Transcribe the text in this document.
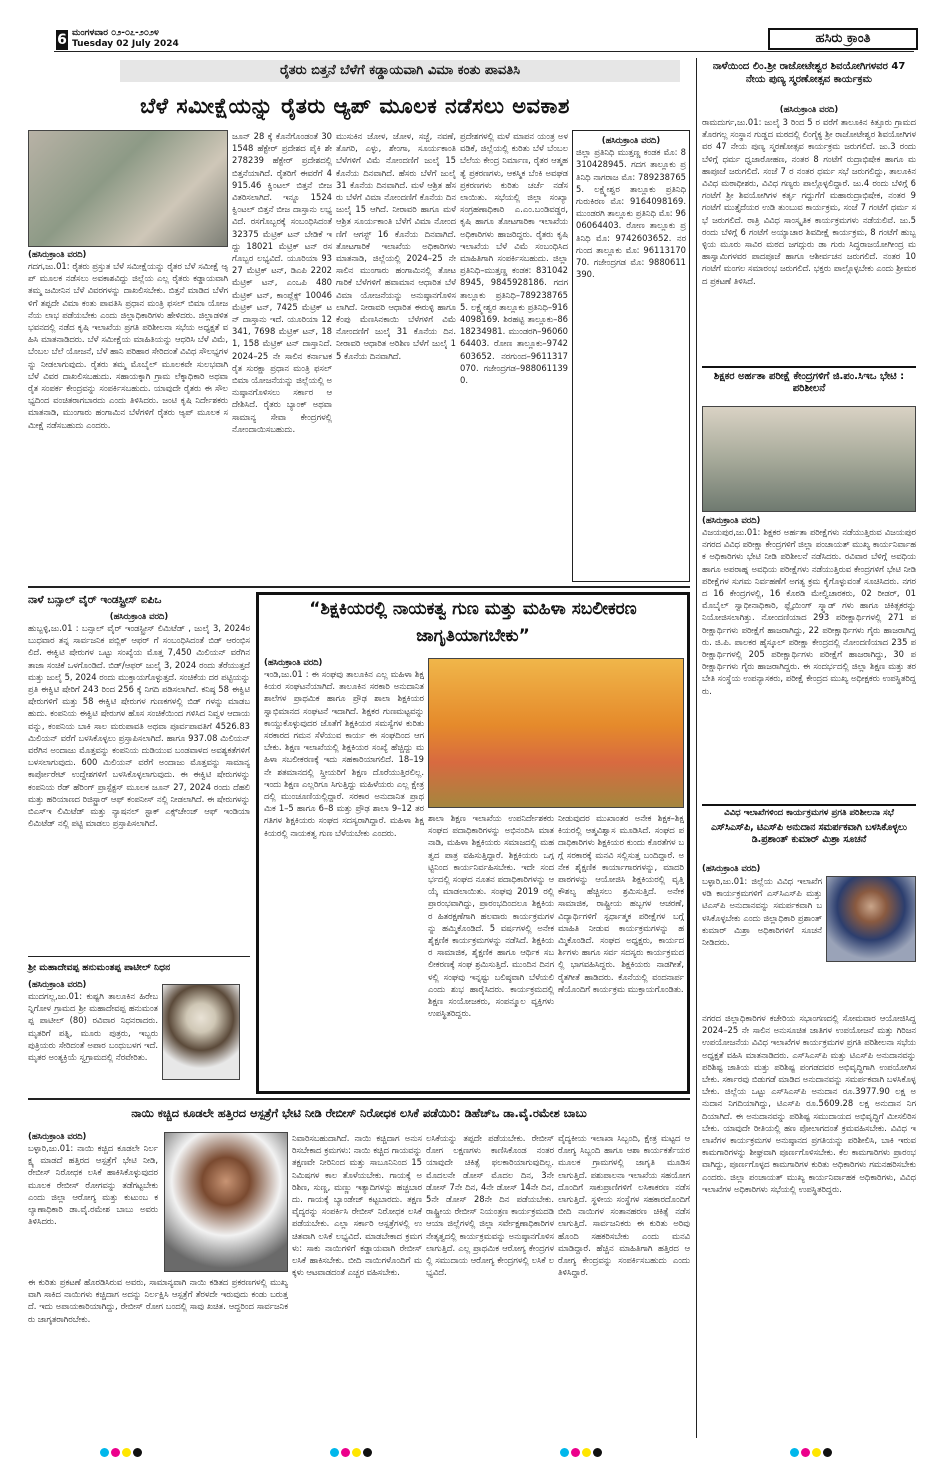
6 ಮಂಗಳವಾರ ೦೨-೦೭-೨೦೨೪
Tuesday 02 July 2024	ಹಸಿರು ಕ್ರಾಂತಿ
ರೈತರು ಬಿತ್ತನೆ ಬೆಳೆಗೆ ಕಡ್ಡಾಯವಾಗಿ ವಿಮಾ ಕಂತು ಪಾವತಿಸಿ
ಬೆಳೆ ಸಮೀಕ್ಷೆಯನ್ನು ರೈತರು ಆ್ಯಪ್ ಮೂಲಕ ನಡೆಸಲು ಅವಕಾಶ
(ಹಸಿರುಕ್ರಾಂತಿ ವರದಿ)
ಗದಗ,ಜು.01: ರೈತರು ಪ್ರಸ್ತುತ ಬೆಳೆ ಸಮೀಕ್ಷೆಯನ್ನು ರೈತರ ಬೆಳೆ ಸಮೀಕ್ಷೆ ಆ್ಯಪ್ ಮೂಲಕ ನಡೆಸಲು ಅವಕಾಶವಿದ್ದು ಜಿಲ್ಲೆಯ ಎಲ್ಲ ರೈತರು ಕಡ್ಡಾಯವಾಗಿ ತಮ್ಮ ಜಮೀನಿನ ಬೆಳೆ ವಿವರಗಳನ್ನು ದಾಖಲಿಸಬೇಕು. ಬಿತ್ತನೆ ಮಾಡಿದ ಬೆಳೆಗಳಿಗೆ ತಪ್ಪದೇ ವಿಮಾ ಕಂತು ಪಾವತಿಸಿ ಪ್ರಧಾನ ಮಂತ್ರಿ ಫಸಲ್ ಬಿಮಾ ಯೋಜನೆಯ ಲಾಭ ಪಡೆಯಬೇಕು ಎಂದು ಜಿಲ್ಲಾಧಿಕಾರಿಗಳು ಹೇಳಿದರು. ಜಿಲ್ಲಾಡಳಿತ ಭವನದಲ್ಲಿ ನಡೆದ ಕೃಷಿ ಇಲಾಖೆಯ ಪ್ರಗತಿ ಪರಿಶೀಲನಾ ಸಭೆಯ ಅಧ್ಯಕ್ಷತೆ ವಹಿಸಿ ಮಾತನಾಡಿದರು. ಬೆಳೆ ಸಮೀಕ್ಷೆಯ ಮಾಹಿತಿಯನ್ನು ಆಧರಿಸಿ ಬೆಳೆ ವಿಮೆ, ಬೆಂಬಲ ಬೆಲೆ ಯೋಜನೆ, ಬೆಳೆ ಹಾನಿ ಪರಿಹಾರ ಸೇರಿದಂತೆ ವಿವಿಧ ಸೌಲಭ್ಯಗಳನ್ನು ನೀಡಲಾಗುವುದು. ರೈತರು ತಮ್ಮ ಮೊಬೈಲ್ ಮೂಲಕವೇ ಸುಲಭವಾಗಿ ಬೆಳೆ ವಿವರ ದಾಖಲಿಸಬಹುದು. ಸಹಾಯಕ್ಕಾಗಿ ಗ್ರಾಮ ಲೆಕ್ಕಾಧಿಕಾರಿ ಅಥವಾ ರೈತ ಸಂಪರ್ಕ ಕೇಂದ್ರವನ್ನು ಸಂಪರ್ಕಿಸಬಹುದು. ಯಾವುದೇ ರೈತರು ಈ ಸೌಲಭ್ಯದಿಂದ ವಂಚಿತರಾಗಬಾರದು ಎಂದು ತಿಳಿಸಿದರು. ಜಂಟಿ ಕೃಷಿ ನಿರ್ದೇಶಕರು ಮಾತನಾಡಿ, ಮುಂಗಾರು ಹಂಗಾಮಿನ ಬೆಳೆಗಳಿಗೆ ರೈತರು ಆ್ಯಪ್ ಮೂಲಕ ಸಮೀಕ್ಷೆ ನಡೆಸಬಹುದು ಎಂದರು.
ಜೂನ್ 28 ಕ್ಕೆ ಕೊನೆಗೊಂಡಂತೆ 301548 ಹೆಕ್ಟೇರ್ ಪ್ರದೇಶದ ಪೈಕಿ ಶೇ 278239 ಹೆಕ್ಟೇರ್ ಪ್ರದೇಶದಲ್ಲಿ ಬಿತ್ತನೆಯಾಗಿದೆ. ರೈತರಿಗೆ ಈವರೆಗೆ 4915.46 ಕ್ವಿಂಟಲ್ ಬಿತ್ತನೆ ಬೀಜ ವಿತರಿಸಲಾಗಿದೆ. ಇನ್ನೂ 1524 ಕ್ವಿಂಟಲ್ ಬಿತ್ತನೆ ಬೀಜ ದಾಸ್ತಾನು ಲಭ್ಯವಿದೆ. ರಸಗೊಬ್ಬರಕ್ಕೆ ಸಂಬಂಧಿಸಿದಂತೆ 32375 ಮೆಟ್ರಿಕ್ ಟನ್ ಬೇಡಿಕೆ ಇದ್ದು 18021 ಮೆಟ್ರಿಕ್ ಟನ್ ರಸಗೊಬ್ಬರ ಲಭ್ಯವಿದೆ. ಯೂರಿಯಾ 9327 ಮೆಟ್ರಿಕ್ ಟನ್, ಡಿಎಪಿ 2202 ಮೆಟ್ರಿಕ್ ಟನ್, ಎಂಒಪಿ 480 ಮೆಟ್ರಿಕ್ ಟನ್, ಕಾಂಪ್ಲೆಕ್ಸ್ 10046 ಮೆಟ್ರಿಕ್ ಟನ್, 7425 ಮೆಟ್ರಿಕ್ ಟನ್ ದಾಸ್ತಾನು ಇದೆ. ಯೂರಿಯಾ 12341, 7698 ಮೆಟ್ರಿಕ್ ಟನ್, 181, 158 ಮೆಟ್ರಿಕ್ ಟನ್ ದಾಸ್ತಾನಿದೆ. 2024–25 ನೇ ಸಾಲಿನ ಕರ್ನಾಟಕ ರೈತ ಸುರಕ್ಷಾ ಪ್ರಧಾನ ಮಂತ್ರಿ ಫಸಲ್ ಬಿಮಾ ಯೋಜನೆಯನ್ನು ಜಿಲ್ಲೆಯಲ್ಲಿ ಅನುಷ್ಠಾನಗೊಳಿಸಲು ಸರ್ಕಾರ ಆದೇಶಿಸಿದೆ. ರೈತರು ಬ್ಯಾಂಕ್ ಅಥವಾ ಸಾಮಾನ್ಯ ಸೇವಾ ಕೇಂದ್ರಗಳಲ್ಲಿ ನೋಂದಾಯಿಸಬಹುದು.
ಮುಸುಕಿನ ಜೋಳ, ಜೋಳ, ಸಜ್ಜೆ, ನವಣೆ, ತೊಗರಿ, ಎಳ್ಳು, ಶೇಂಗಾ, ಸೂರ್ಯಕಾಂತಿ ಬೆಳೆಗಳಿಗೆ ವಿಮೆ ನೋಂದಣಿಗೆ ಜುಲೈ 15 ಕೊನೆಯ ದಿನವಾಗಿದೆ. ಹೆಸರು ಬೆಳೆಗೆ ಜುಲೈ 31 ಕೊನೆಯ ದಿನವಾಗಿದೆ. ಮಳೆ ಆಶ್ರಿತ ಹೆಸರು ಬೆಳೆಗೆ ವಿಮಾ ನೋಂದಣಿಗೆ ಕೊನೆಯ ದಿನ ಜುಲೈ 15 ಆಗಿದೆ. ನೀರಾವರಿ ಹಾಗೂ ಮಳೆ ಆಶ್ರಿತ ಸೂರ್ಯಕಾಂತಿ ಬೆಳೆಗೆ ವಿಮಾ ನೋಂದಣಿಗೆ ಆಗಸ್ಟ್ 16 ಕೊನೆಯ ದಿನವಾಗಿದೆ. ತೋಟಗಾರಿಕೆ ಇಲಾಖೆಯ ಅಧಿಕಾರಿಗಳು ಮಾತನಾಡಿ, ಜಿಲ್ಲೆಯಲ್ಲಿ 2024–25 ನೇ ಸಾಲಿನ ಮುಂಗಾರು ಹಂಗಾಮಿನಲ್ಲಿ ತೋಟಗಾರಿಕೆ ಬೆಳೆಗಳಿಗೆ ಹವಾಮಾನ ಆಧಾರಿತ ಬೆಳೆ ವಿಮಾ ಯೋಜನೆಯನ್ನು ಅನುಷ್ಠಾನಗೊಳಿಸಲಾಗಿದೆ. ನೀರಾವರಿ ಆಧಾರಿತ ಈರುಳ್ಳಿ ಹಾಗೂ ಕೆಂಪು ಮೆಣಸಿನಕಾಯಿ ಬೆಳೆಗಳಿಗೆ ವಿಮೆ ನೋಂದಣಿಗೆ ಜುಲೈ 31 ಕೊನೆಯ ದಿನ. ನೀರಾವರಿ ಆಧಾರಿತ ಅರಿಶಿಣ ಬೆಳೆಗೆ ಜುಲೈ 15 ಕೊನೆಯ ದಿನವಾಗಿದೆ.
ಪ್ರದೇಶಗಳಲ್ಲಿ ಮಳೆ ಮಾಪನ ಯಂತ್ರ ಅಳವಡಿಕೆ, ಜಿಲ್ಲೆಯಲ್ಲಿ ಕುರಿತು ಬೆಳೆ ಬೆಂಬಲ ಬೆಲೆಯ ಕೇಂದ್ರ ನಿರ್ಮಾಣ, ರೈತರ ಆತ್ಮಹತ್ಯೆ ಪ್ರಕರಣಗಳು, ಆಕಸ್ಮಿಕ ಬೆಂಕಿ ಅವಘಡ ಪ್ರಕರಣಗಳು ಕುರಿತು ಚರ್ಚೆ ನಡೆಸಲಾಯಿತು. ಸಭೆಯಲ್ಲಿ ಜಿಲ್ಲಾ ಸಂಖ್ಯಾ ಸಂಗ್ರಹಣಾಧಿಕಾರಿ ಎ.ಎಂ.ಬಂಡಿವಡ್ಡರ, ಕೃಷಿ ಹಾಗೂ ತೋಟಗಾರಿಕಾ ಇಲಾಖೆಯ ಅಧಿಕಾರಿಗಳು ಹಾಜರಿದ್ದರು. ರೈತರು ಕೃಷಿ ಇಲಾಖೆಯ ಬೆಳೆ ವಿಮೆ ಸಂಬಂಧಿಸಿದ ಮಾಹಿತಿಗಾಗಿ ಸಂಪರ್ಕಿಸಬಹುದು. ಜಿಲ್ಲಾ ಪ್ರತಿನಿಧಿ–ಮುತ್ತಣ್ಣ ಕಂಡಕ: 8310428945, 9845928186. ಗದಗ ತಾಲ್ಲೂಕು ಪ್ರತಿನಿಧಿ–7892387655. ಲಕ್ಷ್ಮೇಶ್ವರ ತಾಲ್ಲೂಕು ಪ್ರತಿನಿಧಿ–9164098169. ಶಿರಹಟ್ಟಿ ತಾಲ್ಲೂಕು–8618234981. ಮುಂಡರಗಿ–9606064403. ರೋಣ ತಾಲ್ಲೂಕು–9742603652. ನರಗುಂದ–9611317070. ಗಜೇಂದ್ರಗಡ–9880611390.
(ಹಸಿರುಕ್ರಾಂತಿ ವರದಿ)
ಜಿಲ್ಲಾ ಪ್ರತಿನಿಧಿ ಮುತ್ತಣ್ಣ ಕಂಡಕ ಮೊ: 8310428945. ಗದಗ ತಾಲ್ಲೂಕು ಪ್ರತಿನಿಧಿ ನಾಗರಾಜ ಮೊ: 7892387655. ಲಕ್ಷ್ಮೇಶ್ವರ ತಾಲ್ಲೂಕು ಪ್ರತಿನಿಧಿ ಗುರುಕಿರಣ ಮೊ: 9164098169. ಮುಂಡರಗಿ ತಾಲ್ಲೂಕು ಪ್ರತಿನಿಧಿ ಮೊ: 9606064403. ರೋಣ ತಾಲ್ಲೂಕು ಪ್ರತಿನಿಧಿ ಮೊ: 9742603652. ನರಗುಂದ ತಾಲ್ಲೂಕು ಮೊ: 9611317070. ಗಜೇಂದ್ರಗಡ ಮೊ: 9880611390.
ನಾಳೆಯಿಂದ ಲಿಂ.ಶ್ರೀ ರಾಜೋಟೇಶ್ವರ ಶಿವಯೋಗಿಗಳವರ 47 ನೇಯ ಪುಣ್ಯ ಸ್ಮರಣೋತ್ಸವ ಕಾರ್ಯಕ್ರಮ
(ಹಸಿರುಕ್ರಾಂತಿ ವರದಿ)
ರಾಮದುರ್ಗ,ಜು.01: ಜುಲೈ 3 ರಿಂದ 5 ರ ವರೆಗೆ ತಾಲೂಕಿನ ಕಿತ್ತೂರು ಗ್ರಾಮದ ತೊರಗಲ್ಲ ಸಂಸ್ಥಾನ ಗುಡ್ಡದ ಮಠದಲ್ಲಿ ಲಿಂಗೈಕ್ಯ ಶ್ರೀ ರಾಜೋಟೇಶ್ವರ ಶಿವಯೋಗಿಗಳವರ 47 ನೇಯ ಪುಣ್ಯ ಸ್ಮರಣೋತ್ಸವ ಕಾರ್ಯಕ್ರಮ ಜರುಗಲಿದೆ. ಜು.3 ರಂದು ಬೆಳಿಗ್ಗೆ ಧರ್ಮ ಧ್ವಜಾರೋಹಣ, ನಂತರ 8 ಗಂಟೆಗೆ ರುದ್ರಾಭಿಷೇಕ ಹಾಗೂ ಮಹಾಪೂಜೆ ಜರುಗಲಿದೆ. ಸಂಜೆ 7 ರ ನಂತರ ಧರ್ಮ ಸಭೆ ಜರುಗಲಿದ್ದು, ತಾಲೂಕಿನ ವಿವಿಧ ಮಠಾಧೀಶರು, ವಿವಿಧ ಗಣ್ಯರು ಪಾಲ್ಗೊಳ್ಳಲಿದ್ದಾರೆ. ಜು.4 ರಂದು ಬೆಳಿಗ್ಗೆ 6 ಗಂಟೆಗೆ ಶ್ರೀ ಶಿವಯೋಗಿಗಳ ಕರ್ತೃ ಗದ್ದುಗೆಗೆ ಮಹಾರುದ್ರಾಭಿಷೇಕ, ನಂತರ 9 ಗಂಟೆಗೆ ಮುತ್ತೈದೆಯರ ಉಡಿ ತುಂಬುವ ಕಾರ್ಯಕ್ರಮ, ಸಂಜೆ 7 ಗಂಟೆಗೆ ಧರ್ಮ ಸಭೆ ಜರುಗಲಿದೆ. ರಾತ್ರಿ ವಿವಿಧ ಸಾಂಸ್ಕೃತಿಕ ಕಾರ್ಯಕ್ರಮಗಳು ನಡೆಯಲಿವೆ. ಜು.5 ರಂದು ಬೆಳಿಗ್ಗೆ 6 ಗಂಟೆಗೆ ಅಯ್ಯಾಚಾರ ಶಿವದೀಕ್ಷೆ ಕಾರ್ಯಕ್ರಮ, 8 ಗಂಟೆಗೆ ಹುಬ್ಬಳ್ಳಿಯ ಮೂರು ಸಾವಿರ ಮಠದ ಜಗದ್ಗುರು ಡಾ ಗುರು ಸಿದ್ಧರಾಜಯೋಗೀಂದ್ರ ಮಹಾಸ್ವಾಮಿಗಳವರ ಪಾದಪೂಜೆ ಹಾಗೂ ಆಶೀರ್ವಚನ ಜರುಗಲಿದೆ. ನಂತರ 10 ಗಂಟೆಗೆ ಮಂಗಲ ಸಮಾರಂಭ ಜರುಗಲಿದೆ. ಭಕ್ತರು ಪಾಲ್ಗೊಳ್ಳಬೇಕು ಎಂದು ಶ್ರೀಮಠದ ಪ್ರಕಟಣೆ ತಿಳಿಸಿದೆ.
ಶಿಕ್ಷಕರ ಅರ್ಹತಾ ಪರೀಕ್ಷೆ ಕೇಂದ್ರಗಳಿಗೆ ಜಿ.ಪಂ.ಸಿಇಒ ಭೇಟಿ : ಪರಿಶೀಲನೆ
(ಹಸಿರುಕ್ರಾಂತಿ ವರದಿ)
ವಿಜಯಪುರ,ಜು.01: ಶಿಕ್ಷಕರ ಅರ್ಹತಾ ಪರೀಕ್ಷೆಗಳು ನಡೆಯುತ್ತಿರುವ ವಿಜಯಪುರ ನಗರದ ವಿವಿಧ ಪರೀಕ್ಷಾ ಕೇಂದ್ರಗಳಿಗೆ ಜಿಲ್ಲಾ ಪಂಚಾಯತ್ ಮುಖ್ಯ ಕಾರ್ಯನಿರ್ವಾಹಕ ಅಧಿಕಾರಿಗಳು ಭೇಟಿ ನೀಡಿ ಪರಿಶೀಲನೆ ನಡೆಸಿದರು. ರವಿವಾರ ಬೆಳಿಗ್ಗೆ ಅವಧಿಯ ಹಾಗೂ ಅಪರಾಹ್ನ ಅವಧಿಯ ಪರೀಕ್ಷೆಗಳು ನಡೆಯುತ್ತಿರುವ ಕೇಂದ್ರಗಳಿಗೆ ಭೇಟಿ ನೀಡಿ ಪರೀಕ್ಷೆಗಳ ಸುಗಮ ನಿರ್ವಹಣೆಗೆ ಅಗತ್ಯ ಕ್ರಮ ಕೈಗೊಳ್ಳುವಂತೆ ಸೂಚಿಸಿದರು. ನಗರದ 16 ಕೇಂದ್ರಗಳಲ್ಲಿ, 16 ಕೊಠಡಿ ಮೇಲ್ವಿಚಾರಕರು, 02 ರೀಡರ್, 01 ಮೊಬೈಲ್ ಸ್ವಾಧೀನಾಧಿಕಾರಿ, ಫ್ಲೈಯಿಂಗ್ ಸ್ಕ್ವಾಡ್ ಗಳು ಹಾಗೂ ಚಿಕಿತ್ಸಕರನ್ನು ನಿಯೋಜಿಸಲಾಗಿತ್ತು. ನೋಂದಣಿಯಾದ 293 ಪರೀಕ್ಷಾರ್ಥಿಗಳಲ್ಲಿ 271 ಪರೀಕ್ಷಾರ್ಥಿಗಳು ಪರೀಕ್ಷೆಗೆ ಹಾಜರಾಗಿದ್ದು, 22 ಪರೀಕ್ಷಾರ್ಥಿಗಳು ಗೈರು ಹಾಜರಾಗಿದ್ದರು. ಜಿ.ಪಿ. ಪಾಲಕರ ಹೈಸ್ಕೂಲ್ ಪರೀಕ್ಷಾ ಕೇಂದ್ರದಲ್ಲಿ ನೋಂದಣಿಯಾದ 235 ಪರೀಕ್ಷಾರ್ಥಿಗಳಲ್ಲಿ 205 ಪರೀಕ್ಷಾರ್ಥಿಗಳು ಪರೀಕ್ಷೆಗೆ ಹಾಜರಾಗಿದ್ದು, 30 ಪರೀಕ್ಷಾರ್ಥಿಗಳು ಗೈರು ಹಾಜರಾಗಿದ್ದರು. ಈ ಸಂದರ್ಭದಲ್ಲಿ ಜಿಲ್ಲಾ ಶಿಕ್ಷಣ ಮತ್ತು ತರಬೇತಿ ಸಂಸ್ಥೆಯ ಉಪನ್ಯಾಸಕರು, ಪರೀಕ್ಷೆ ಕೇಂದ್ರದ ಮುಖ್ಯ ಅಧೀಕ್ಷಕರು ಉಪಸ್ಥಿತರಿದ್ದರು.
ವಿವಿಧ ಇಲಾಖೆಗಳಿಂದ ಕಾರ್ಯಕ್ರಮಗಳ ಪ್ರಗತಿ ಪರಿಶೀಲನಾ ಸಭೆ
ಎಸ್‌ಸಿಎಸ್‌ಪಿ, ಟಿಎಸ್‌ಪಿ ಅನುದಾನ ಸಮರ್ಪಕವಾಗಿ ಬಳಸಿಕೊಳ್ಳಲು ಡಿ.ಪ್ರಶಾಂತ್ ಕುಮಾರ್ ಮಿಶ್ರಾ ಸೂಚನೆ
(ಹಸಿರುಕ್ರಾಂತಿ ವರದಿ)
ಬಳ್ಳಾರಿ,ಜು.01: ಜಿಲ್ಲೆಯ ವಿವಿಧ ಇಲಾಖೆಗಳಡಿ ಕಾರ್ಯಕ್ರಮಗಳಿಗೆ ಎಸ್‌ಸಿಎಸ್‌ಪಿ ಮತ್ತು ಟಿಎಸ್‌ಪಿ ಅನುದಾನವನ್ನು ಸಮರ್ಪಕವಾಗಿ ಬಳಸಿಕೊಳ್ಳಬೇಕು ಎಂದು ಜಿಲ್ಲಾಧಿಕಾರಿ ಪ್ರಶಾಂತ್ ಕುಮಾರ್ ಮಿಶ್ರಾ ಅಧಿಕಾರಿಗಳಿಗೆ ಸೂಚನೆ ನೀಡಿದರು.
ನಗರದ ಜಿಲ್ಲಾಧಿಕಾರಿಗಳ ಕಚೇರಿಯ ಸಭಾಂಗಣದಲ್ಲಿ ಸೋಮವಾರ ಆಯೋಜಿಸಿದ್ದ 2024–25 ನೇ ಸಾಲಿನ ಅನುಸೂಚಿತ ಜಾತಿಗಳ ಉಪಯೋಜನೆ ಮತ್ತು ಗಿರಿಜನ ಉಪಯೋಜನೆಯ ವಿವಿಧ ಇಲಾಖೆಗಳ ಕಾರ್ಯಕ್ರಮಗಳ ಪ್ರಗತಿ ಪರಿಶೀಲನಾ ಸಭೆಯ ಅಧ್ಯಕ್ಷತೆ ವಹಿಸಿ ಮಾತನಾಡಿದರು. ಎಸ್‌ಸಿಎಸ್‌ಪಿ ಮತ್ತು ಟಿಎಸ್‌ಪಿ ಅನುದಾನವನ್ನು ಪರಿಶಿಷ್ಟ ಜಾತಿಯ ಮತ್ತು ಪರಿಶಿಷ್ಟ ಪಂಗಡದವರ ಅಭಿವೃದ್ಧಿಗಾಗಿ ಉಪಯೋಗಿಸಬೇಕು. ಸರ್ಕಾರವು ಬಿಡುಗಡೆ ಮಾಡಿದ ಅನುದಾನವನ್ನು ಸಮರ್ಪಕವಾಗಿ ಬಳಸಿಕೊಳ್ಳಬೇಕು. ಜಿಲ್ಲೆಯ ಒಟ್ಟು ಎಸ್‌ಸಿಎಸ್‌ಪಿ ಅನುದಾನ ರೂ.3977.90 ಲಕ್ಷ ಅನುದಾನ ನಿಗದಿಯಾಗಿದ್ದು, ಟಿಎಸ್‌ಪಿ ರೂ.5609.28 ಲಕ್ಷ ಅನುದಾನ ನಿಗದಿಯಾಗಿದೆ. ಈ ಅನುದಾನವನ್ನು ಪರಿಶಿಷ್ಟ ಸಮುದಾಯದ ಅಭಿವೃದ್ಧಿಗೆ ಮೀಸಲಿರಿಸಬೇಕು. ಯಾವುದೇ ರೀತಿಯಲ್ಲಿ ಹಣ ಪೋಲಾಗದಂತೆ ಕ್ರಮವಹಿಸಬೇಕು. ವಿವಿಧ ಇಲಾಖೆಗಳ ಕಾರ್ಯಕ್ರಮಗಳ ಅನುಷ್ಠಾನದ ಪ್ರಗತಿಯನ್ನು ಪರಿಶೀಲಿಸಿ, ಬಾಕಿ ಇರುವ ಕಾಮಗಾರಿಗಳನ್ನು ಶೀಘ್ರವಾಗಿ ಪೂರ್ಣಗೊಳಿಸಬೇಕು. ಕೆಲ ಕಾಮಗಾರಿಗಳು ಪ್ರಾರಂಭವಾಗಿದ್ದು, ಪೂರ್ಣಗೊಳ್ಳದ ಕಾಮಗಾರಿಗಳ ಕುರಿತು ಅಧಿಕಾರಿಗಳು ಗಮನಹರಿಸಬೇಕು ಎಂದರು. ಜಿಲ್ಲಾ ಪಂಚಾಯತ್ ಮುಖ್ಯ ಕಾರ್ಯನಿರ್ವಾಹಕ ಅಧಿಕಾರಿಗಳು, ವಿವಿಧ ಇಲಾಖೆಗಳ ಅಧಿಕಾರಿಗಳು ಸಭೆಯಲ್ಲಿ ಉಪಸ್ಥಿತರಿದ್ದರು.
ನಾಳೆ ಬನ್ಸಾಲ್ ವೈರ್ ಇಂಡಸ್ಟ್ರೀಸ್ ಐಪಿಒ
(ಹಸಿರುಕ್ರಾಂತಿ ವರದಿ)
ಹುಬ್ಬಳ್ಳಿ,ಜು.01 : ಬನ್ಸಾಲ್ ವೈರ್ ಇಂಡಸ್ಟ್ರೀಸ್ ಲಿಮಿಟೆಡ್ , ಜುಲೈ 3, 2024ರ ಬುಧವಾರ ತನ್ನ ಸಾರ್ವಜನಿಕ ಪಬ್ಲಿಕ್ ಆಫರ್ ಗೆ ಸಂಬಂಧಿಸಿದಂತೆ ಬಿಡ್ ಆರಂಭಿಸಲಿದೆ. ಈಕ್ವಿಟಿ ಷೇರುಗಳ ಒಟ್ಟು ಸಂಖ್ಯೆಯ ಮೊತ್ತ 7,450 ಮಿಲಿಯನ್ ವರೆಗಿನ ತಾಜಾ ಸಂಚಿಕೆ ಒಳಗೊಂಡಿದೆ. ಬಿಡ್/ಆಫರ್ ಜುಲೈ 3, 2024 ರಂದು ತೆರೆಯುತ್ತದೆ ಮತ್ತು ಜುಲೈ 5, 2024 ರಂದು ಮುಕ್ತಾಯಗೊಳ್ಳುತ್ತದೆ. ಸಂಚಿಕೆಯ ದರ ಪಟ್ಟಿಯನ್ನು ಪ್ರತಿ ಈಕ್ವಿಟಿ ಷೇರಿಗೆ 243 ರಿಂದ 256 ಕ್ಕೆ ನಿಗದಿ ಪಡಿಸಲಾಗಿದೆ. ಕನಿಷ್ಠ 58 ಈಕ್ವಿಟಿ ಷೇರುಗಳಿಗೆ ಮತ್ತು 58 ಈಕ್ವಿಟಿ ಷೇರುಗಳ ಗುಣಕಗಳಲ್ಲಿ ಬಿಡ್ ಗಳನ್ನು ಮಾಡಬಹುದು. ಕಂಪನಿಯ ಈಕ್ವಿಟಿ ಷೇರುಗಳ ಹೊಸ ಸಂಚಿಕೆಯಿಂದ ಗಳಿಸಿದ ನಿವ್ವಳ ಆದಾಯವನ್ನು, ಕಂಪನಿಯ ಬಾಕಿ ಸಾಲ ಮರುಪಾವತಿ ಅಥವಾ ಪೂರ್ವಪಾವತಿಗೆ 4526.83 ಮಿಲಿಯನ್ ವರೆಗೆ ಬಳಸಿಕೊಳ್ಳಲು ಪ್ರಸ್ತಾಪಿಸಲಾಗಿದೆ. ಹಾಗೂ 937.08 ಮಿಲಿಯನ್ ವರೆಗಿನ ಅಂದಾಜು ಮೊತ್ತವನ್ನು ಕಂಪನಿಯ ದುಡಿಯುವ ಬಂಡವಾಳದ ಅವಶ್ಯಕತೆಗಳಿಗೆ ಬಳಸಲಾಗುವುದು. 600 ಮಿಲಿಯನ್ ವರೆಗೆ ಅಂದಾಜು ಮೊತ್ತವನ್ನು ಸಾಮಾನ್ಯ ಕಾರ್ಪೋರೇಟ್ ಉದ್ದೇಶಗಳಿಗೆ ಬಳಸಿಕೊಳ್ಳಲಾಗುವುದು. ಈ ಈಕ್ವಿಟಿ ಷೇರುಗಳನ್ನು ಕಂಪನಿಯ ರೆಡ್ ಹೆರಿಂಗ್ ಪ್ರಾಸ್ಪೆಕ್ಟಸ್ ಮೂಲಕ ಜೂನ್ 27, 2024 ರಂದು ದೆಹಲಿ ಮತ್ತು ಹರಿಯಾಣದ ರಿಜಿಸ್ಟ್ರಾರ್ ಆಫ್ ಕಂಪನೀಸ್ ನಲ್ಲಿ ನೀಡಲಾಗಿದೆ. ಈ ಷೇರುಗಳನ್ನು ಬಿಎಸ್‌ಇ ಲಿಮಿಟೆಡ್ ಮತ್ತು ನ್ಯಾಷನಲ್ ಸ್ಟಾಕ್ ಎಕ್ಸ್‌ಚೇಂಜ್ ಆಫ್ ಇಂಡಿಯಾ ಲಿಮಿಟೆಡ್ ನಲ್ಲಿ ಪಟ್ಟಿ ಮಾಡಲು ಪ್ರಸ್ತಾಪಿಸಲಾಗಿದೆ.
ಶ್ರೀ ಮಹಾದೇವಪ್ಪ ಹನುಮಂತಪ್ಪ ಪಾಟೀಲ್ ನಿಧನ
(ಹಸಿರುಕ್ರಾಂತಿ ವರದಿ)
ಮುದಗಲ್ಲ,ಜು.01: ಕುಷ್ಟಗಿ ತಾಲೂಕಿನ ಹಿರೇಬನ್ನಿಗೋಳ ಗ್ರಾಮದ ಶ್ರೀ ಮಹಾದೇವಪ್ಪ ಹನುಮಂತಪ್ಪ ಪಾಟೀಲ್ (80) ರವಿವಾರ ನಿಧನರಾದರು. ಮೃತರಿಗೆ ಪತ್ನಿ, ಮೂರು ಪುತ್ರರು, ಇಬ್ಬರು ಪುತ್ರಿಯರು ಸೇರಿದಂತೆ ಅಪಾರ ಬಂಧುಬಳಗ ಇದೆ. ಮೃತರ ಅಂತ್ಯಕ್ರಿಯೆ ಸ್ವಗ್ರಾಮದಲ್ಲಿ ನೆರವೇರಿತು.
“ಶಿಕ್ಷಕಿಯರಲ್ಲಿ ನಾಯಕತ್ವ ಗುಣ ಮತ್ತು ಮಹಿಳಾ ಸಬಲೀಕರಣ ಜಾಗೃತಿಯಾಗಬೇಕು”
(ಹಸಿರುಕ್ರಾಂತಿ ವರದಿ)
ಇಂಡಿ,ಜು.01 : ಈ ಸಂಘವು ತಾಲೂಕಿನ ಎಲ್ಲ ಮಹಿಳಾ ಶಿಕ್ಷಕಿಯರ ಸಂಘಟನೆಯಾಗಿದೆ. ತಾಲೂಕಿನ ಸರಕಾರಿ ಅನುದಾನಿತ ಶಾಲೆಗಳ ಪ್ರಾಥಮಿಕ ಹಾಗೂ ಪ್ರೌಢ ಶಾಲಾ ಶಿಕ್ಷಕಿಯರ ಸ್ವಾಭಿಮಾನದ ಸಂಘಟನೆ ಇದಾಗಿದೆ. ಶಿಕ್ಷಕರ ಗುಣಮಟ್ಟವನ್ನು ಕಾಯ್ದುಕೊಳ್ಳುವುದರ ಜೊತೆಗೆ ಶಿಕ್ಷಕಿಯರ ಸಮಸ್ಯೆಗಳ ಕುರಿತು ಸರಕಾರದ ಗಮನ ಸೆಳೆಯುವ ಕಾರ್ಯ ಈ ಸಂಘದಿಂದ ಆಗಬೇಕು. ಶಿಕ್ಷಣ ಇಲಾಖೆಯಲ್ಲಿ ಶಿಕ್ಷಕಿಯರ ಸಂಖ್ಯೆ ಹೆಚ್ಚಿದ್ದು ಮಹಿಳಾ ಸಬಲೀಕರಣಕ್ಕೆ ಇದು ಸಹಕಾರಿಯಾಗಲಿದೆ. 18–19 ನೇ ಶತಮಾನದಲ್ಲಿ ಸ್ತ್ರೀಯರಿಗೆ ಶಿಕ್ಷಣ ದೊರೆಯುತ್ತಿರಲಿಲ್ಲ. ಇಂದು ಶಿಕ್ಷಣ ಎಲ್ಲರಿಗೂ ಸಿಗುತ್ತಿದ್ದು ಮಹಿಳೆಯರು ಎಲ್ಲ ಕ್ಷೇತ್ರದಲ್ಲಿ ಮುಂಚೂಣಿಯಲ್ಲಿದ್ದಾರೆ. ಸರಕಾರ ಅನುದಾನಿತ ಪ್ರಾಥಮಿಕ 1–5 ಹಾಗೂ 6–8 ಮತ್ತು ಪ್ರೌಢ ಶಾಲಾ 9–12 ತರಗತಿಗಳ ಶಿಕ್ಷಕಿಯರು ಸಂಘದ ಸದಸ್ಯರಾಗಿದ್ದಾರೆ. ಮಹಿಳಾ ಶಿಕ್ಷಕಿಯರಲ್ಲಿ ನಾಯಕತ್ವ ಗುಣ ಬೆಳೆಯಬೇಕು ಎಂದರು.
ಶಾಲಾ ಶಿಕ್ಷಣ ಇಲಾಖೆಯ ಉಪನಿರ್ದೇಶಕರು ಸಂಘದ ಪದಾಧಿಕಾರಿಗಳನ್ನು ಅಭಿನಂದಿಸಿ ಮಾತನಾಡಿ, ಮಹಿಳಾ ಶಿಕ್ಷಕಿಯರು ಸಮಾಜದಲ್ಲಿ ಮಹತ್ವದ ಪಾತ್ರ ವಹಿಸುತ್ತಿದ್ದಾರೆ. ಶಿಕ್ಷಕಿಯರು ಒಗ್ಗಟ್ಟಿನಿಂದ ಕಾರ್ಯನಿರ್ವಹಿಸಬೇಕು. ಇದೇ ಸಂದರ್ಭದಲ್ಲಿ ಸಂಘದ ನೂತನ ಪದಾಧಿಕಾರಿಗಳನ್ನು ಆಯ್ಕೆ ಮಾಡಲಾಯಿತು. ಸಂಘವು 2019 ರಲ್ಲಿ ಪ್ರಾರಂಭವಾಗಿದ್ದು, ಪ್ರಾರಂಭದಿಂದಲೂ ಶಿಕ್ಷಕಿಯರ ಹಿತರಕ್ಷಣೆಗಾಗಿ ಹಲವಾರು ಕಾರ್ಯಕ್ರಮಗಳನ್ನು ಹಮ್ಮಿಕೊಂಡಿದೆ. 5 ವರ್ಷಗಳಲ್ಲಿ ಅನೇಕ ಶೈಕ್ಷಣಿಕ ಕಾರ್ಯಕ್ರಮಗಳನ್ನು ನಡೆಸಿದೆ. ಶಿಕ್ಷಕಿಯರ ಸಾಮಾಜಿಕ, ಶೈಕ್ಷಣಿಕ ಹಾಗೂ ಆರ್ಥಿಕ ಸಬಲೀಕರಣಕ್ಕೆ ಸಂಘ ಶ್ರಮಿಸುತ್ತಿದೆ. ಮುಂದಿನ ದಿನಗಳಲ್ಲಿ ಸಂಘವು ಇನ್ನಷ್ಟು ಬಲಿಷ್ಠವಾಗಿ ಬೆಳೆಯಲಿ ಎಂದು ಶುಭ ಹಾರೈಸಿದರು. ಕಾರ್ಯಕ್ರಮದಲ್ಲಿ ಶಿಕ್ಷಣ ಸಂಯೋಜಕರು, ಸಂಪನ್ಮೂಲ ವ್ಯಕ್ತಿಗಳು ಉಪಸ್ಥಿತರಿದ್ದರು.
ನೀಡುವುದರ ಮುಖಾಂತರ ಅನೇಕ ಶಿಕ್ಷಕ–ಶಿಕ್ಷಕಿಯರಲ್ಲಿ ಆತ್ಮವಿಶ್ವಾಸ ಮೂಡಿಸಿದೆ. ಸಂಘದ ಪದಾಧಿಕಾರಿಗಳು ಶಿಕ್ಷಕಿಯರ ಕುಂದು ಕೊರತೆಗಳ ಬಗ್ಗೆ ಸರಕಾರಕ್ಕೆ ಮನವಿ ಸಲ್ಲಿಸುತ್ತ ಬಂದಿದ್ದಾರೆ. ಅನೇಕ ಶೈಕ್ಷಣಿಕ ಕಾರ್ಯಾಗಾರಗಳನ್ನು, ಮಾದರಿ ಪಾಠಗಳನ್ನು ಆಯೋಜಿಸಿ ಶಿಕ್ಷಕಿಯರಲ್ಲಿ ವೃತ್ತಿ ಕೌಶಲ್ಯ ಹೆಚ್ಚಿಸಲು ಶ್ರಮಿಸುತ್ತಿದೆ. ಅನೇಕ ಸಾಮಾಜಿಕ, ರಾಷ್ಟ್ರೀಯ ಹಬ್ಬಗಳ ಆಚರಣೆ, ವಿದ್ಯಾರ್ಥಿಗಳಿಗೆ ಸ್ಪರ್ಧಾತ್ಮಕ ಪರೀಕ್ಷೆಗಳ ಬಗ್ಗೆ ಮಾಹಿತಿ ನೀಡುವ ಕಾರ್ಯಕ್ರಮಗಳನ್ನು ಹಮ್ಮಿಕೊಂಡಿದೆ. ಸಂಘದ ಅಧ್ಯಕ್ಷರು, ಕಾರ್ಯದರ್ಶಿಗಳು ಹಾಗೂ ಸರ್ವ ಸದಸ್ಯರು ಕಾರ್ಯಕ್ರಮದಲ್ಲಿ ಭಾಗವಹಿಸಿದ್ದರು. ಶಿಕ್ಷಕಿಯರು ನಾಡಗೀತೆ, ರೈತಗೀತೆ ಹಾಡಿದರು. ಕೊನೆಯಲ್ಲಿ ವಂದನಾರ್ಪಣೆಯೊಂದಿಗೆ ಕಾರ್ಯಕ್ರಮ ಮುಕ್ತಾಯಗೊಂಡಿತು.
ನಾಯಿ ಕಚ್ಚಿದ ಕೂಡಲೇ ಹತ್ತಿರದ ಆಸ್ಪತ್ರೆಗೆ ಭೇಟಿ ನೀಡಿ ರೇಬೀಸ್ ನಿರೋಧಕ ಲಸಿಕೆ ಪಡೆಯಿರಿ: ಡಿಹೆಚ್ಒ ಡಾ.ವೈ.ರಮೇಶ ಬಾಬು
(ಹಸಿರುಕ್ರಾಂತಿ ವರದಿ)
ಬಳ್ಳಾರಿ,ಜು.01: ನಾಯಿ ಕಚ್ಚಿದ ಕೂಡಲೇ ನಿರ್ಲಕ್ಷ್ಯ ಮಾಡದೆ ಹತ್ತಿರದ ಆಸ್ಪತ್ರೆಗೆ ಭೇಟಿ ನೀಡಿ, ರೇಬೀಸ್ ನಿರೋಧಕ ಲಸಿಕೆ ಹಾಕಿಸಿಕೊಳ್ಳುವುದರ ಮೂಲಕ ರೇಬೀಸ್ ರೋಗವನ್ನು ತಡೆಗಟ್ಟಬೇಕು ಎಂದು ಜಿಲ್ಲಾ ಆರೋಗ್ಯ ಮತ್ತು ಕುಟುಂಬ ಕಲ್ಯಾಣಾಧಿಕಾರಿ ಡಾ.ವೈ.ರಮೇಶ ಬಾಬು ಅವರು ತಿಳಿಸಿದರು.
ಈ ಕುರಿತು ಪ್ರಕಟಣೆ ಹೊರಡಿಸಿರುವ ಅವರು, ಸಾಮಾನ್ಯವಾಗಿ ನಾಯಿ ಕಡಿತದ ಪ್ರಕರಣಗಳಲ್ಲಿ ಮುಖ್ಯವಾಗಿ ಸಾಕಿದ ನಾಯಿಗಳು ಕಚ್ಚಿದಾಗ ಅದನ್ನು ನಿರ್ಲಕ್ಷಿಸಿ ಆಸ್ಪತ್ರೆಗೆ ತೆರಳದೇ ಇರುವುದು ಕಂಡು ಬರುತ್ತದೆ. ಇದು ಅಪಾಯಕಾರಿಯಾಗಿದ್ದು, ರೇಬೀಸ್ ರೋಗ ಬಂದಲ್ಲಿ ಸಾವು ಖಚಿತ. ಆದ್ದರಿಂದ ಸಾರ್ವಜನಿಕರು ಜಾಗೃತರಾಗಿರಬೇಕು.
ನಿವಾರಿಸಬಹುದಾಗಿದೆ. ನಾಯಿ ಕಚ್ಚಿದಾಗ ಅನುಸರಿಸಬೇಕಾದ ಕ್ರಮಗಳು: ನಾಯಿ ಕಚ್ಚಿದ ಗಾಯವನ್ನು ತಕ್ಷಣವೇ ನೀರಿನಿಂದ ಮತ್ತು ಸಾಬೂನಿನಿಂದ 15 ನಿಮಿಷಗಳ ಕಾಲ ತೊಳೆಯಬೇಕು. ಗಾಯಕ್ಕೆ ಅರಿಶಿಣ, ಸುಣ್ಣ, ಮಣ್ಣು ಇತ್ಯಾದಿಗಳನ್ನು ಹಚ್ಚಬಾರದು. ಗಾಯಕ್ಕೆ ಬ್ಯಾಂಡೇಜ್ ಕಟ್ಟಬಾರದು. ತಕ್ಷಣ ವೈದ್ಯರನ್ನು ಸಂಪರ್ಕಿಸಿ ರೇಬೀಸ್ ನಿರೋಧಕ ಲಸಿಕೆ ಪಡೆಯಬೇಕು. ಎಲ್ಲಾ ಸರ್ಕಾರಿ ಆಸ್ಪತ್ರೆಗಳಲ್ಲಿ ಉಚಿತವಾಗಿ ಲಸಿಕೆ ಲಭ್ಯವಿದೆ. ಮಾಡಬೇಕಾದ ಕ್ರಮಗಳು: ಸಾಕು ನಾಯಿಗಳಿಗೆ ಕಡ್ಡಾಯವಾಗಿ ರೇಬೀಸ್ ಲಸಿಕೆ ಹಾಕಿಸಬೇಕು. ಬೀದಿ ನಾಯಿಗಳೊಂದಿಗೆ ಮಕ್ಕಳು ಆಟವಾಡದಂತೆ ಎಚ್ಚರ ವಹಿಸಬೇಕು.
ಲಸಿಕೆಯನ್ನು ತಪ್ಪದೇ ಪಡೆಯಬೇಕು. ರೇಬೀಸ್ ರೋಗ ಲಕ್ಷಣಗಳು ಕಾಣಿಸಿಕೊಂಡ ನಂತರ ಯಾವುದೇ ಚಿಕಿತ್ಸೆ ಫಲಕಾರಿಯಾಗುವುದಿಲ್ಲ. ಮೊದಲನೇ ಡೋಸ್ ಮೊದಲ ದಿನ, 3ನೇ ಡೋಸ್ 7ನೇ ದಿನ, 4ನೇ ಡೋಸ್ 14ನೇ ದಿನ, 5ನೇ ಡೋಸ್ 28ನೇ ದಿನ ಪಡೆಯಬೇಕು. ರಾಷ್ಟ್ರೀಯ ರೇಬೀಸ್ ನಿಯಂತ್ರಣ ಕಾರ್ಯಕ್ರಮದಡಿ ಆಯಾ ಜಿಲ್ಲೆಗಳಲ್ಲಿ ಜಿಲ್ಲಾ ಸರ್ವೇಕ್ಷಣಾಧಿಕಾರಿಗಳ ನೇತೃತ್ವದಲ್ಲಿ ಕಾರ್ಯಕ್ರಮವನ್ನು ಅನುಷ್ಠಾನಗೊಳಿಸಲಾಗುತ್ತಿದೆ. ಎಲ್ಲ ಪ್ರಾಥಮಿಕ ಆರೋಗ್ಯ ಕೇಂದ್ರಗಳಲ್ಲಿ ಸಮುದಾಯ ಆರೋಗ್ಯ ಕೇಂದ್ರಗಳಲ್ಲಿ ಲಸಿಕೆ ಲಭ್ಯವಿದೆ.
ವೈದ್ಯಕೀಯ ಇಲಾಖಾ ಸಿಬ್ಬಂದಿ, ಕ್ಷೇತ್ರ ಮಟ್ಟದ ಆರೋಗ್ಯ ಸಿಬ್ಬಂದಿ ಹಾಗೂ ಆಶಾ ಕಾರ್ಯಕರ್ತೆಯರ ಮೂಲಕ ಗ್ರಾಮಗಳಲ್ಲಿ ಜಾಗೃತಿ ಮೂಡಿಸಲಾಗುತ್ತಿದೆ. ಪಶುಪಾಲನಾ ಇಲಾಖೆಯ ಸಹಯೋಗದೊಂದಿಗೆ ಸಾಕುಪ್ರಾಣಿಗಳಿಗೆ ಲಸಿಕಾಕರಣ ನಡೆಸಲಾಗುತ್ತಿದೆ. ಸ್ಥಳೀಯ ಸಂಸ್ಥೆಗಳ ಸಹಕಾರದೊಂದಿಗೆ ಬೀದಿ ನಾಯಿಗಳ ಸಂತಾನಹರಣ ಚಿಕಿತ್ಸೆ ನಡೆಸಲಾಗುತ್ತಿದೆ. ಸಾರ್ವಜನಿಕರು ಈ ಕುರಿತು ಅರಿವು ಹೊಂದಿ ಸಹಕರಿಸಬೇಕು ಎಂದು ಮನವಿ ಮಾಡಿದ್ದಾರೆ. ಹೆಚ್ಚಿನ ಮಾಹಿತಿಗಾಗಿ ಹತ್ತಿರದ ಆರೋಗ್ಯ ಕೇಂದ್ರವನ್ನು ಸಂಪರ್ಕಿಸಬಹುದು ಎಂದು ತಿಳಿಸಿದ್ದಾರೆ.
